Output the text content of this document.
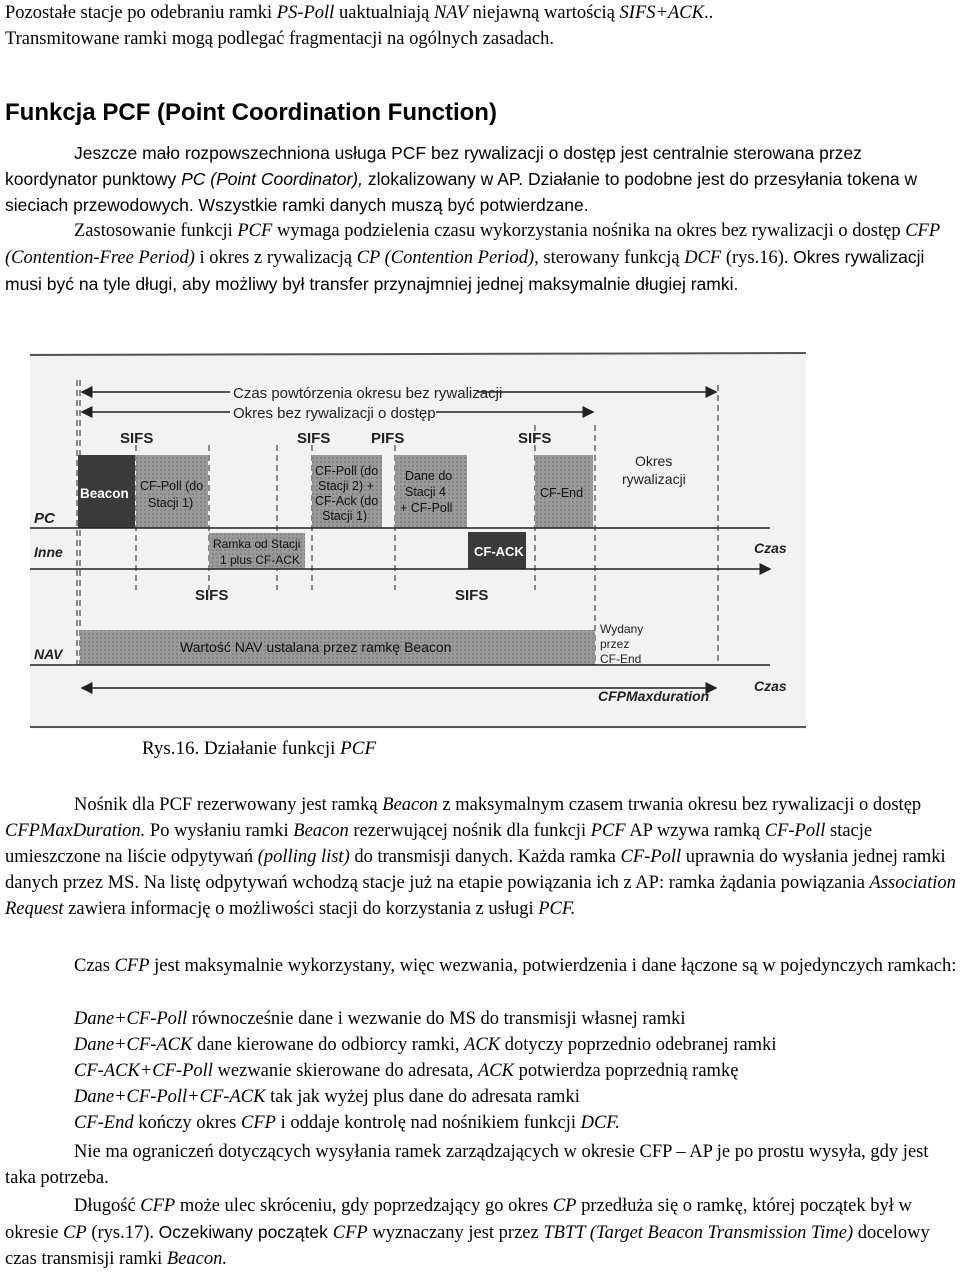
Pozostałe stacje po odebraniu ramki PS-Poll uaktualniają NAV niejawną wartością SIFS+ACK..

Transmitowane ramki mogą podlegać fragmentacji na ogólnych zasadach.

Funkcja PCF (Point Coordination Function)

Jeszcze mało rozpowszechniona usługa PCF bez rywalizacji o dostęp jest centralnie sterowana przez koordynator punktowy PC (Point Coordinator), zlokalizowany w AP. Działanie to podobne jest do przesyłania tokena w sieciach przewodowych. Wszystkie ramki danych muszą być potwierdzane.

Zastosowanie funkcji PCF wymaga podzielenia czasu wykorzystania nośnika na okres bez rywalizacji o dostęp CFP (Contention-Free Period) i okres z rywalizacją CP (Contention Period), sterowany funkcją DCF (rys.16). Okres rywalizacji musi być na tyle długi, aby możliwy był transfer przynajmniej jednej maksymalnie długiej ramki.

Czas powtórzenia okresu bez rywalizacji
Okres bez rywalizacji o dostęp
SIFS	SIFS	PIFS	SIFS
SIFS	SIFS
Beacon CF-Poll (do
Stacji 1)
CF-Poll (do
Stacji 2) +
CF-Ack (do
Stacji 1)
Dane do
Stacji 4
+ CF-Poll
CF-End
Okres
rywalizacji
PC
Ramka od Stacji
1 plus CF-ACK
CF-ACK
Inne	Czas
Wartość NAV ustalana przez ramkę Beacon
NAV
Wydany
przez
CF-End
CFPMaxduration
Czas

Rys.16. Działanie funkcji PCF

Nośnik dla PCF rezerwowany jest ramką Beacon z maksymalnym czasem trwania okresu bez rywalizacji o dostęp CFPMaxDuration. Po wysłaniu ramki Beacon rezerwującej nośnik dla funkcji PCF AP wzywa ramką CF-Poll stacje umieszczone na liście odpytywań (polling list) do transmisji danych. Każda ramka CF-Poll uprawnia do wysłania jednej ramki danych przez MS. Na listę odpytywań wchodzą stacje już na etapie powiązania ich z AP: ramka żądania powiązania Association Request zawiera informację o możliwości stacji do korzystania z usługi PCF.

Czas CFP jest maksymalnie wykorzystany, więc wezwania, potwierdzenia i dane łączone są w pojedynczych ramkach:

Dane+CF-Poll równocześnie dane i wezwanie do MS do transmisji własnej ramki

Dane+CF-ACK dane kierowane do odbiorcy ramki, ACK dotyczy poprzednio odebranej ramki

CF-ACK+CF-Poll wezwanie skierowane do adresata, ACK potwierdza poprzednią ramkę

Dane+CF-Poll+CF-ACK tak jak wyżej plus dane do adresata ramki

CF-End kończy okres CFP i oddaje kontrolę nad nośnikiem funkcji DCF.

Nie ma ograniczeń dotyczących wysyłania ramek zarządzających w okresie CFP – AP je po prostu wysyła, gdy jest taka potrzeba.

Długość CFP może ulec skróceniu, gdy poprzedzający go okres CP przedłuża się o ramkę, której początek był w okresie CP (rys.17). Oczekiwany początek CFP wyznaczany jest przez TBTT (Target Beacon Transmission Time) docelowy czas transmisji ramki Beacon.
